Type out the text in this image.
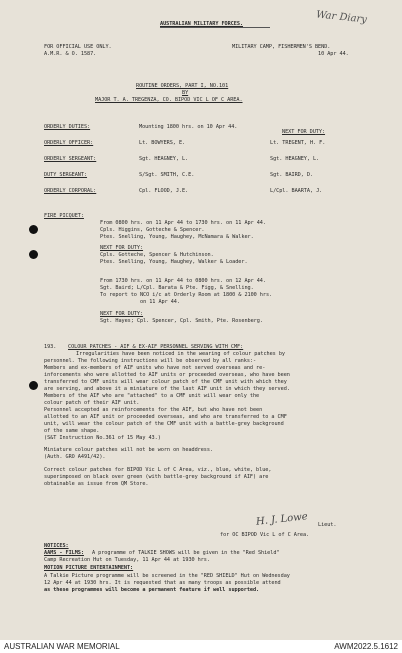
War Diary
AUSTRALIAN MILITARY FORCES.
FOR OFFICIAL USE ONLY.
A.M.R. & O. 1587.
MILITARY CAMP, FISHERMEN'S BEND.
10 Apr 44.
ROUTINE ORDERS, PART I, NO.101
BY
MAJOR T. A. TREGENZA, CO. BIPOD VIC L OF C AREA.
NEXT FOR DUTY:
ORDERLY DUTIES:	Mounting 1800 hrs. on 10 Apr 44.
ORDERLY OFFICER:	Lt. BOWYERS, E.	Lt. TREGENT, H. F.
ORDERLY SERGEANT:	Sgt. HEAGNEY, L.	Sgt. HEAGNEY, L.
DUTY SERGEANT:	S/Sgt. SMITH, C.E.	Sgt. BAIRD, D.
ORDERLY CORPORAL:	Cpl. FLOOD, J.E.	L/Cpl. BAARTA, J.
FIRE PICQUET:
From 0800 hrs. on 11 Apr 44 to 1730 hrs. on 11 Apr 44.
Cpls. Higgins, Gotteche & Spencer.
Ptes. Snelling, Young, Haughey, McNamara & Walker.
NEXT FOR DUTY:
Cpls. Gotteche, Spencer & Hutchinson.
Ptes. Snelling, Young, Haughey, Walker & Loader.
From 1730 hrs. on 11 Apr 44 to 0800 hrs. on 12 Apr 44.
Sgt. Baird; L/Cpl. Barata & Pte. Figg, & Snelling.
To report to NCO i/c at Orderly Room at 1800 & 2100 hrs.
on 11 Apr 44.
NEXT FOR DUTY:
Sgt. Hayes; Cpl. Spencer, Cpl. Smith, Pte. Rosenberg.
193. COLOUR PATCHES - AIF & EX-AIF PERSONNEL SERVING WITH CMF:
Irregularities have been noticed in the wearing of colour patches by
personnel. The following instructions will be observed by all ranks:-
Members and ex-members of AIF units who have not served overseas and re-
inforcements who were allotted to AIF units or proceeded overseas, who have been
transferred to CMF units will wear colour patch of the CMF unit with which they
are serving, and above it a miniature of the last AIF unit in which they served.
Members of the AIF who are "attached" to a CMF unit will wear only the
colour patch of their AIF unit.
Personnel accepted as reinforcements for the AIF, but who have not been
allotted to an AIF unit or proceeded overseas, and who are transferred to a CMF
unit, will wear the colour patch of the CMF unit with a battle-grey background
of the same shape.
(S&T Instruction No.361 of 15 May 43.)
Miniature colour patches will not be worn on headdress.
(Auth. GRO A491/42).
Correct colour patches for BIPOD Vic L of C Area, viz., blue, white, blue,
superimposed on black over green (with battle-grey background if AIF) are
obtainable as issue from QM Store.
H. J. Lowe Lieut.
for OC BIPOD Vic L of C Area.
NOTICES:
AAMS - FILMS: A programme of TALKIE SHOWS will be given in the "Red Shield"
Camp Recreation Hut on Tuesday, 11 Apr 44 at 1930 hrs.
MOTION PICTURE ENTERTAINMENT:
A Talkie Picture programme will be screened in the "RED SHIELD" Hut on Wednesday
12 Apr 44 at 1930 hrs. It is requested that as many troops as possible attend
as these programmes will become a permanent feature if well supported.
AUSTRALIAN WAR MEMORIAL	AWM2022.5.1612
